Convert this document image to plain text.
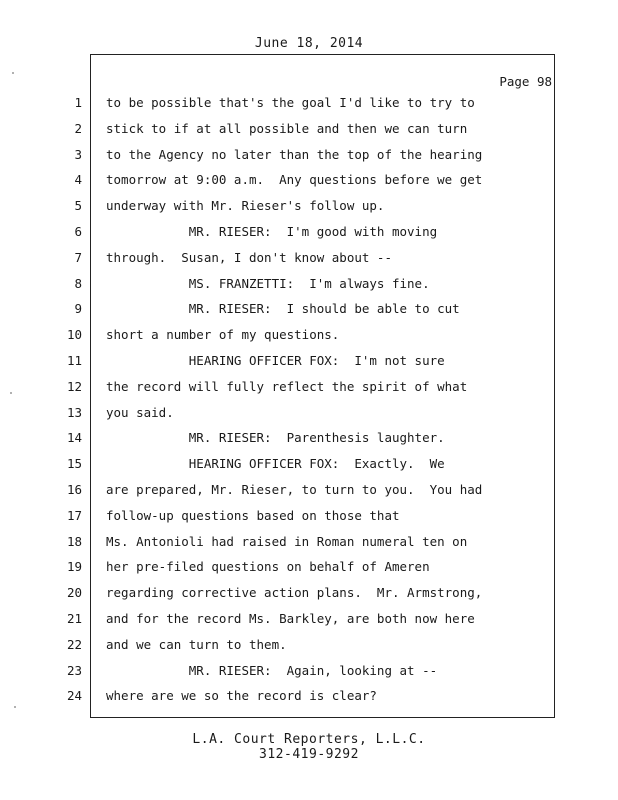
June 18, 2014
Page 98
1 to be possible that's the goal I'd like to try to
2 stick to if at all possible and then we can turn
3 to the Agency no later than the top of the hearing
4 tomorrow at 9:00 a.m.  Any questions before we get
5 underway with Mr. Rieser's follow up.
6 MR. RIESER:  I'm good with moving
7 through.  Susan, I don't know about --
8 MS. FRANZETTI:  I'm always fine.
9 MR. RIESER:  I should be able to cut
10 short a number of my questions.
11 HEARING OFFICER FOX:  I'm not sure
12 the record will fully reflect the spirit of what
13 you said.
14 MR. RIESER:  Parenthesis laughter.
15 HEARING OFFICER FOX:  Exactly.  We
16 are prepared, Mr. Rieser, to turn to you.  You had
17 follow-up questions based on those that
18 Ms. Antonioli had raised in Roman numeral ten on
19 her pre-filed questions on behalf of Ameren
20 regarding corrective action plans.  Mr. Armstrong,
21 and for the record Ms. Barkley, are both now here
22 and we can turn to them.
23 MR. RIESER:  Again, looking at --
24 where are we so the record is clear?
L.A. Court Reporters, L.L.C.
312-419-9292
